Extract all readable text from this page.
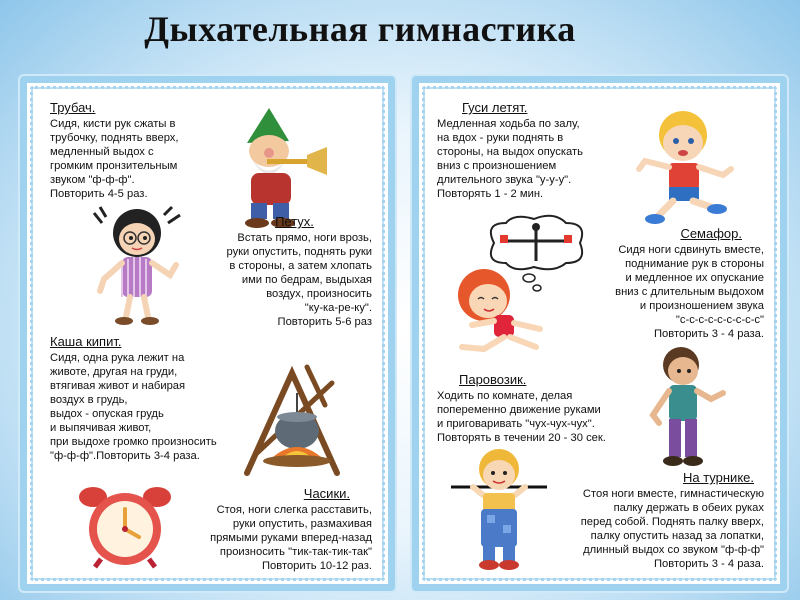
Дыхательная гимнастика
Трубач.

Сидя, кисти рук сжаты в
трубочку, поднять вверх,
медленный выдох с
громким пронзительным
звуком "ф-ф-ф".
Повторить 4-5 раз.

Петух.

Встать прямо, ноги врозь,
руки опустить, поднять руки
в стороны, а затем хлопать
ими по бедрам, выдыхая
воздух, произносить
"ку-ка-ре-ку".
Повторить 5-6 раз

Каша кипит.

Сидя, одна рука лежит на
животе, другая на груди,
втягивая живот и набирая
воздух в грудь,
выдох - опуская грудь
и выпячивая живот,
при выдохе громко произносить
"ф-ф-ф".Повторить 3-4 раза.

Часики.

Стоя, ноги слегка расставить,
руки опустить, размахивая
прямыми руками вперед-назад
произносить "тик-так-тик-так"
Повторить 10-12 раз.

Гуси летят.

Медленная ходьба по залу,
на вдох - руки поднять в
стороны, на выдох опускать
вниз с произношением
длительного звука "у-у-у".
Повторять 1 - 2 мин.

Семафор.

Сидя ноги сдвинуть вместе,
поднимание рук в стороны
и медленное их опускание
вниз с длительным выдохом
и произношением звука
"с-с-с-с-с-с-с-с-с"
Повторить 3 - 4 раза.

Паровозик.

Ходить по комнате, делая
попеременно движение руками
и приговаривать "чух-чух-чух".
Повторять в течении 20 - 30 сек.

На турнике.

Стоя ноги вместе, гимнастическую
палку держать в обеих руках
перед собой. Поднять палку вверх,
палку опустить назад за лопатки,
длинный выдох со звуком "ф-ф-ф"
Повторить 3 - 4 раза.
